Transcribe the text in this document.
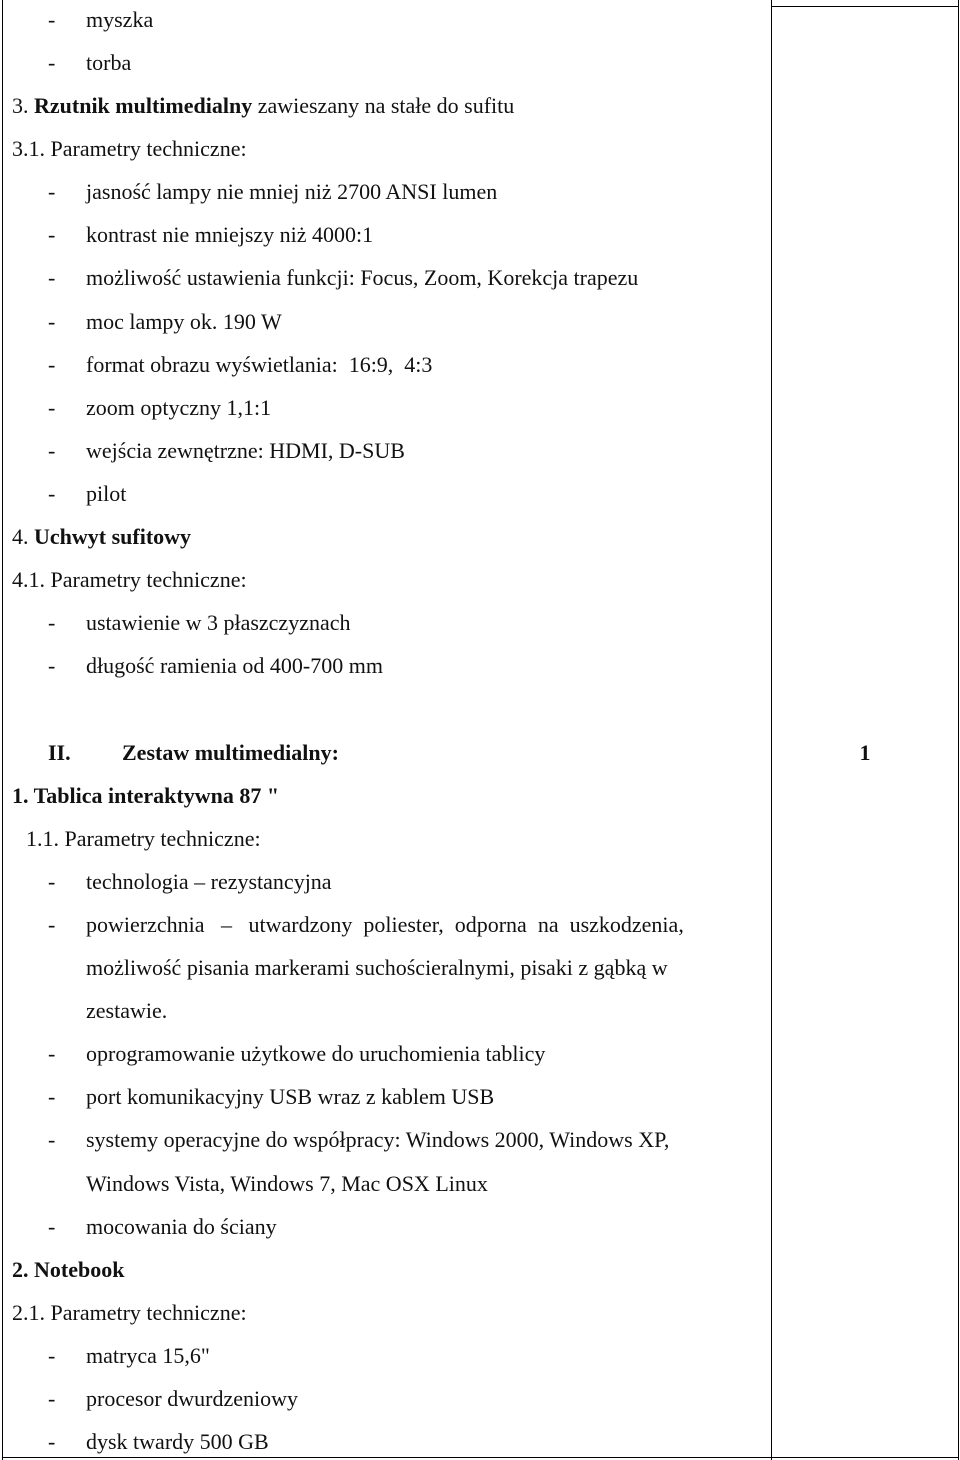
- myszka
- torba
3. Rzutnik multimedialny zawieszany na stałe do sufitu
3.1. Parametry techniczne:
- jasność lampy nie mniej niż 2700 ANSI lumen
- kontrast nie mniejszy niż 4000:1
- możliwość ustawienia funkcji: Focus, Zoom, Korekcja trapezu
- moc lampy ok. 190 W
- format obrazu wyświetlania:  16:9,  4:3
- zoom optyczny 1,1:1
- wejścia zewnętrzne: HDMI, D-SUB
- pilot
4. Uchwyt sufitowy
4.1. Parametry techniczne:
- ustawienie w 3 płaszczyznach
- długość ramienia od 400-700 mm
II. Zestaw multimedialny:	1
1. Tablica interaktywna 87 "
1.1. Parametry techniczne:
- technologia – rezystancyjna
- powierzchnia   –   utwardzony  poliester,  odporna  na  uszkodzenia,
możliwość pisania markerami suchościeralnymi, pisaki z gąbką w
zestawie.
- oprogramowanie użytkowe do uruchomienia tablicy
- port komunikacyjny USB wraz z kablem USB
- systemy operacyjne do współpracy: Windows 2000, Windows XP,
Windows Vista, Windows 7, Mac OSX Linux
- mocowania do ściany
2. Notebook
2.1. Parametry techniczne:
- matryca 15,6"
- procesor dwurdzeniowy
- dysk twardy 500 GB
